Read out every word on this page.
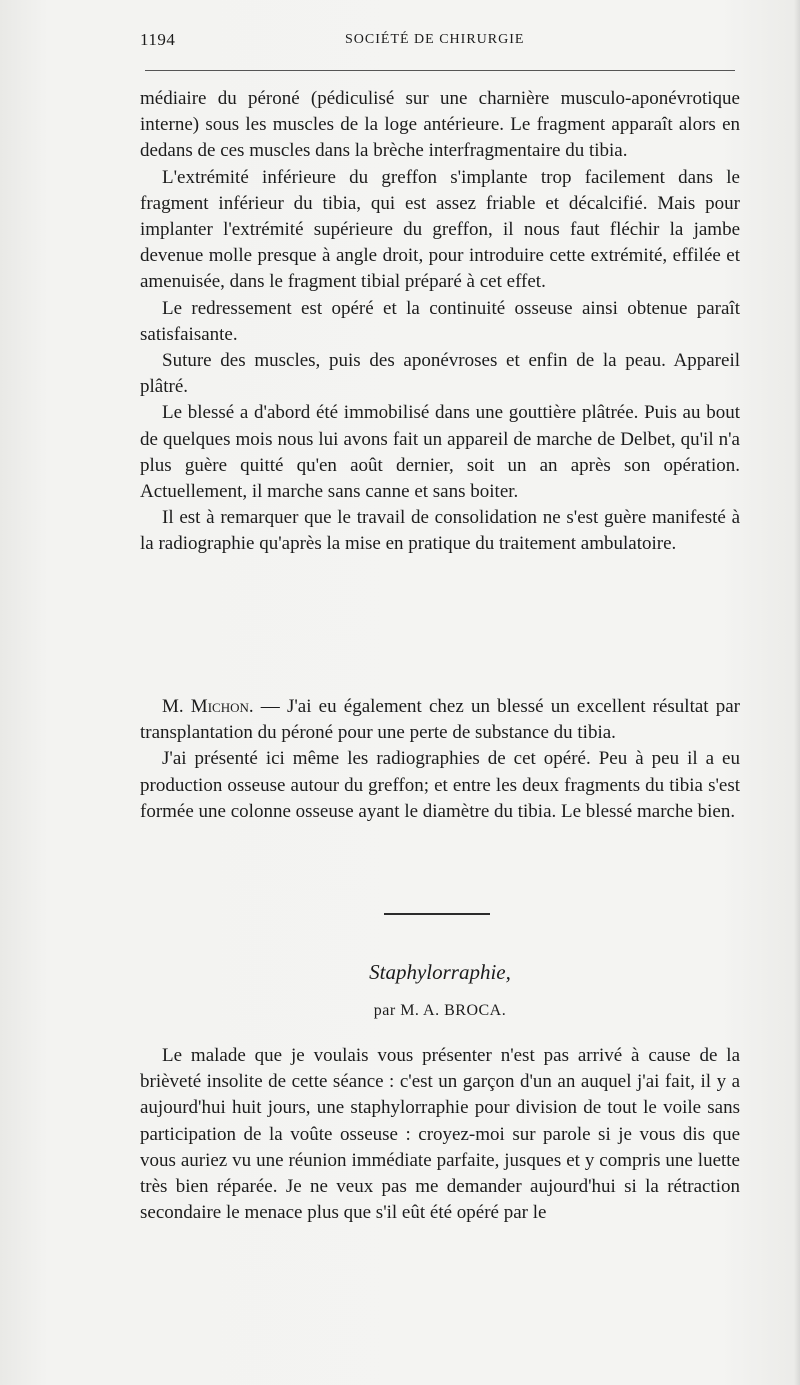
1194	SOCIÉTÉ DE CHIRURGIE

médiaire du péroné (pédiculisé sur une charnière musculo-aponévrotique interne) sous les muscles de la loge antérieure. Le fragment apparaît alors en dedans de ces muscles dans la brèche interfragmentaire du tibia.

L'extrémité inférieure du greffon s'implante trop facilement dans le fragment inférieur du tibia, qui est assez friable et décalcifié. Mais pour implanter l'extrémité supérieure du greffon, il nous faut fléchir la jambe devenue molle presque à angle droit, pour introduire cette extrémité, effilée et amenuisée, dans le fragment tibial préparé à cet effet.

Le redressement est opéré et la continuité osseuse ainsi obtenue paraît satisfaisante.

Suture des muscles, puis des aponévroses et enfin de la peau. Appareil plâtré.

Le blessé a d'abord été immobilisé dans une gouttière plâtrée. Puis au bout de quelques mois nous lui avons fait un appareil de marche de Delbet, qu'il n'a plus guère quitté qu'en août dernier, soit un an après son opération. Actuellement, il marche sans canne et sans boiter.

Il est à remarquer que le travail de consolidation ne s'est guère manifesté à la radiographie qu'après la mise en pratique du traitement ambulatoire.

M. Michon. — J'ai eu également chez un blessé un excellent résultat par transplantation du péroné pour une perte de substance du tibia.

J'ai présenté ici même les radiographies de cet opéré. Peu à peu il a eu production osseuse autour du greffon; et entre les deux fragments du tibia s'est formée une colonne osseuse ayant le diamètre du tibia. Le blessé marche bien.

Staphylorraphie,
par M. A. BROCA.

Le malade que je voulais vous présenter n'est pas arrivé à cause de la brièveté insolite de cette séance : c'est un garçon d'un an auquel j'ai fait, il y a aujourd'hui huit jours, une staphylorraphie pour division de tout le voile sans participation de la voûte osseuse : croyez-moi sur parole si je vous dis que vous auriez vu une réunion immédiate parfaite, jusques et y compris une luette très bien réparée. Je ne veux pas me demander aujourd'hui si la rétraction secondaire le menace plus que s'il eût été opéré par le
